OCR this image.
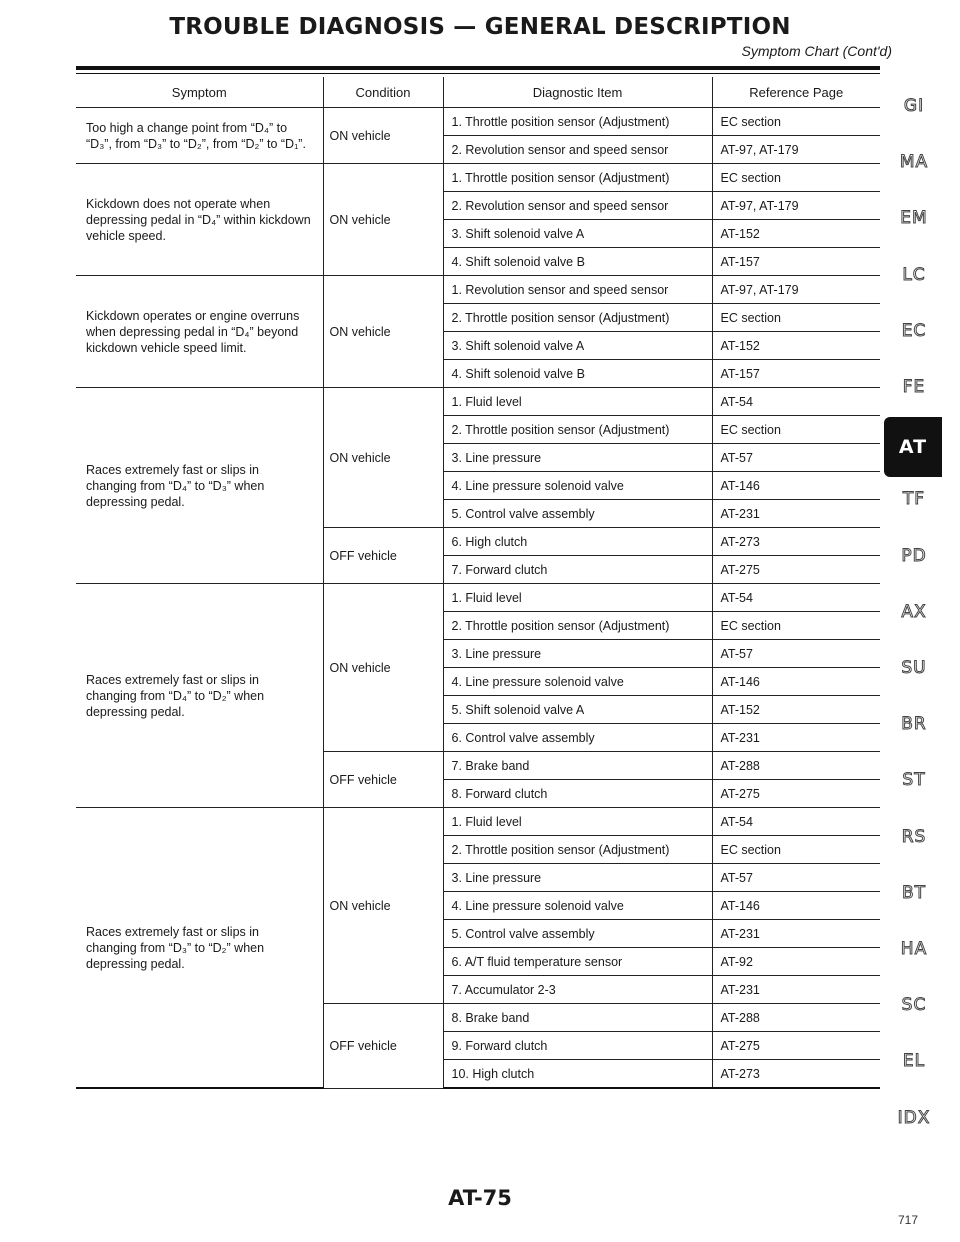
TROUBLE DIAGNOSIS — GENERAL DESCRIPTION
Symptom Chart (Cont'd)
Symptom	Condition	Diagnostic Item	Reference Page
Too high a change point from “D₄” to “D₃”, from “D₃” to “D₂”, from “D₂” to “D₁”.	ON vehicle	1. Throttle position sensor (Adjustment)	EC section
		2. Revolution sensor and speed sensor	AT-97, AT-179
Kickdown does not operate when depressing pedal in “D₄” within kickdown vehicle speed.	ON vehicle	1. Throttle position sensor (Adjustment)	EC section
		2. Revolution sensor and speed sensor	AT-97, AT-179
		3. Shift solenoid valve A	AT-152
		4. Shift solenoid valve B	AT-157
Kickdown operates or engine overruns when depressing pedal in “D₄” beyond kickdown vehicle speed limit.	ON vehicle	1. Revolution sensor and speed sensor	AT-97, AT-179
		2. Throttle position sensor (Adjustment)	EC section
		3. Shift solenoid valve A	AT-152
		4. Shift solenoid valve B	AT-157
Races extremely fast or slips in changing from “D₄” to “D₃” when depressing pedal.	ON vehicle	1. Fluid level	AT-54
		2. Throttle position sensor (Adjustment)	EC section
		3. Line pressure	AT-57
		4. Line pressure solenoid valve	AT-146
		5. Control valve assembly	AT-231
	OFF vehicle	6. High clutch	AT-273
		7. Forward clutch	AT-275
Races extremely fast or slips in changing from “D₄” to “D₂” when depressing pedal.	ON vehicle	1. Fluid level	AT-54
		2. Throttle position sensor (Adjustment)	EC section
		3. Line pressure	AT-57
		4. Line pressure solenoid valve	AT-146
		5. Shift solenoid valve A	AT-152
		6. Control valve assembly	AT-231
	OFF vehicle	7. Brake band	AT-288
		8. Forward clutch	AT-275
Races extremely fast or slips in changing from “D₃” to “D₂” when depressing pedal.	ON vehicle	1. Fluid level	AT-54
		2. Throttle position sensor (Adjustment)	EC section
		3. Line pressure	AT-57
		4. Line pressure solenoid valve	AT-146
		5. Control valve assembly	AT-231
		6. A/T fluid temperature sensor	AT-92
		7. Accumulator 2-3	AT-231
	OFF vehicle	8. Brake band	AT-288
		9. Forward clutch	AT-275
		10. High clutch	AT-273
GI
MA
EM
LC
EC
FE
AT
TF
PD
AX
SU
BR
ST
RS
BT
HA
SC
EL
IDX
AT-75
717
